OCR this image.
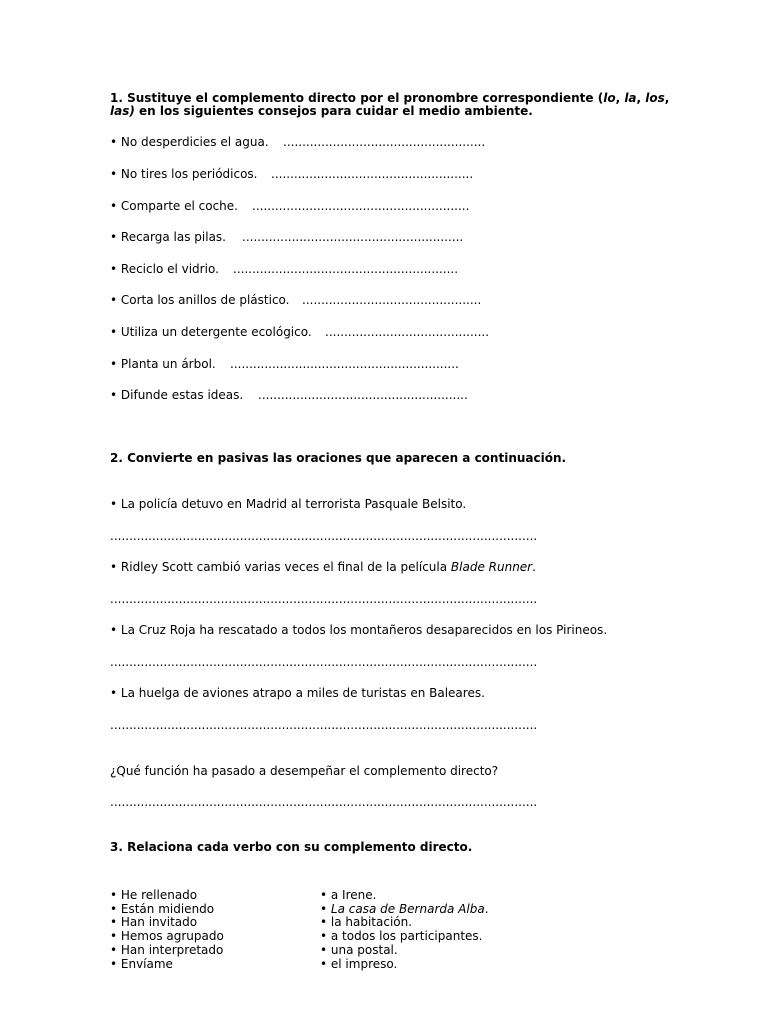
1. Sustituye el complemento directo por el pronombre correspondiente (lo, la, los,
las) en los siguientes consejos para cuidar el medio ambiente.
• No desperdicies el agua. .....................................................
• No tires los periódicos. .....................................................
• Comparte el coche. .........................................................
• Recarga las pilas. ..........................................................
• Reciclo el vidrio. ...........................................................
• Corta los anillos de plástico. ...............................................
• Utiliza un detergente ecológico. ...........................................
• Planta un árbol. ............................................................
• Difunde estas ideas. .......................................................
2. Convierte en pasivas las oraciones que aparecen a continuación.
• La policía detuvo en Madrid al terrorista Pasquale Belsito.
................................................................................................................
• Ridley Scott cambió varias veces el final de la película Blade Runner.
................................................................................................................
• La Cruz Roja ha rescatado a todos los montañeros desaparecidos en los Pirineos.
................................................................................................................
• La huelga de aviones atrapo a miles de turistas en Baleares.
................................................................................................................
¿Qué función ha pasado a desempeñar el complemento directo?
................................................................................................................
3. Relaciona cada verbo con su complemento directo.
• He rellenado
• Están midiendo
• Han invitado
• Hemos agrupado
• Han interpretado
• Envíame
• a Irene.
• La casa de Bernarda Alba.
• la habitación.
• a todos los participantes.
• una postal.
• el impreso.
